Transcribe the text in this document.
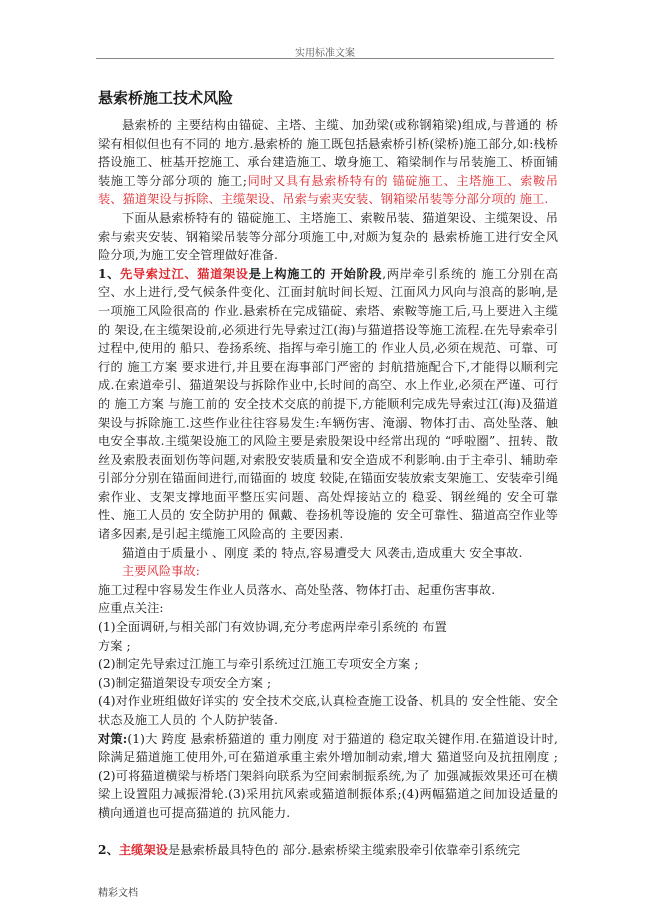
实用标准文案
悬索桥施工技术风险

悬索桥的 主要结构由锚碇、主塔、主缆、加劲梁(或称钢箱梁)组成,与普通的 桥梁有相似但也有不同的 地方.悬索桥的 施工既包括悬索桥引桥(梁桥)施工部分,如:栈桥搭设施工、桩基开挖施工、承台建造施工、墩身施工、箱梁制作与吊装施工、桥面铺装施工等分部分项的 施工;同时又具有悬索桥特有的 锚碇施工、主塔施工、索鞍吊装、猫道架设与拆除、主缆架设、吊索与索夹安装、钢箱梁吊装等分部分项的 施工.

下面从悬索桥特有的 锚碇施工、主塔施工、索鞍吊装、猫道架设、主缆架设、吊索与索夹安装、钢箱梁吊装等分部分项施工中,对颇为复杂的 悬索桥施工进行安全风险分项,为施工安全管理做好准备.

1、先导索过江、猫道架设是上构施工的 开始阶段,两岸牵引系统的 施工分别在高空、水上进行,受气候条件变化、江面封航时间长短、江面风力风向与浪高的影响,是一项施工风险很高的 作业.悬索桥在完成锚碇、索塔、索鞍等施工后,马上要进入主缆的 架设,在主缆架设前,必须进行先导索过江(海)与猫道搭设等施工流程.在先导索牵引过程中,使用的 船只、卷扬系统、指挥与牵引施工的 作业人员,必须在规范、可靠、可行的 施工方案 要求进行,并且要在海事部门严密的 封航措施配合下,才能得以顺利完成.在索道牵引、猫道架设与拆除作业中,长时间的高空、水上作业,必须在严谨、可行的 施工方案 与施工前的 安全技术交底的前提下,方能顺利完成先导索过江(海)及猫道架设与拆除施工.这些作业往往容易发生:车辆伤害、淹溺、物体打击、高处坠落、触电安全事故.主缆架设施工的风险主要是索股架设中经常出现的 “呼啦圈”、扭转、散丝及索股表面划伤等问题,对索股安装质量和安全造成不利影响.由于主牵引、辅助牵引部分分别在锚面间进行,而锚面的 坡度 较陡,在锚面安装放索支架施工、安装牵引绳索作业、支架支撑地面平整压实问题、高处焊接站立的 稳妥、钢丝绳的 安全可靠性、施工人员的 安全防护用的 佩戴、卷扬机等设施的 安全可靠性、猫道高空作业等诸多因素,是引起主缆施工风险高的 主要因素.

猫道由于质量小 、刚度 柔的 特点,容易遭受大 风袭击,造成重大 安全事故.

主要风险事故:

施工过程中容易发生作业人员落水、高处坠落、物体打击、起重伤害事故.

应重点关注:

(1)全面调研,与相关部门有效协调,充分考虑两岸牵引系统的 布置

方案 ;

(2)制定先导索过江施工与牵引系统过江施工专项安全方案 ;

(3)制定猫道架设专项安全方案 ;

(4)对作业班组做好详实的 安全技术交底,认真检查施工设备、机具的 安全性能、安全状态及施工人员的 个人防护装备.

对策:(1)大 跨度 悬索桥猫道的 重力刚度 对于猫道的 稳定取关键作用.在猫道设计时,除满足猫道施工使用外,可在猫道承重主索外增加制动索,增大 猫道竖向及抗扭刚度 ;(2)可将猫道横梁与桥塔门架斜向联系为空间索制振系统,为了 加强减振效果还可在横梁上设置阻力减振滑轮.(3)采用抗风索或猫道制振体系;(4)两幅猫道之间加设适量的 横向通道也可提高猫道的 抗风能力.

2、主缆架设是悬索桥最具特色的 部分.悬索桥梁主缆索股牵引依靠牵引系统完

精彩文档
